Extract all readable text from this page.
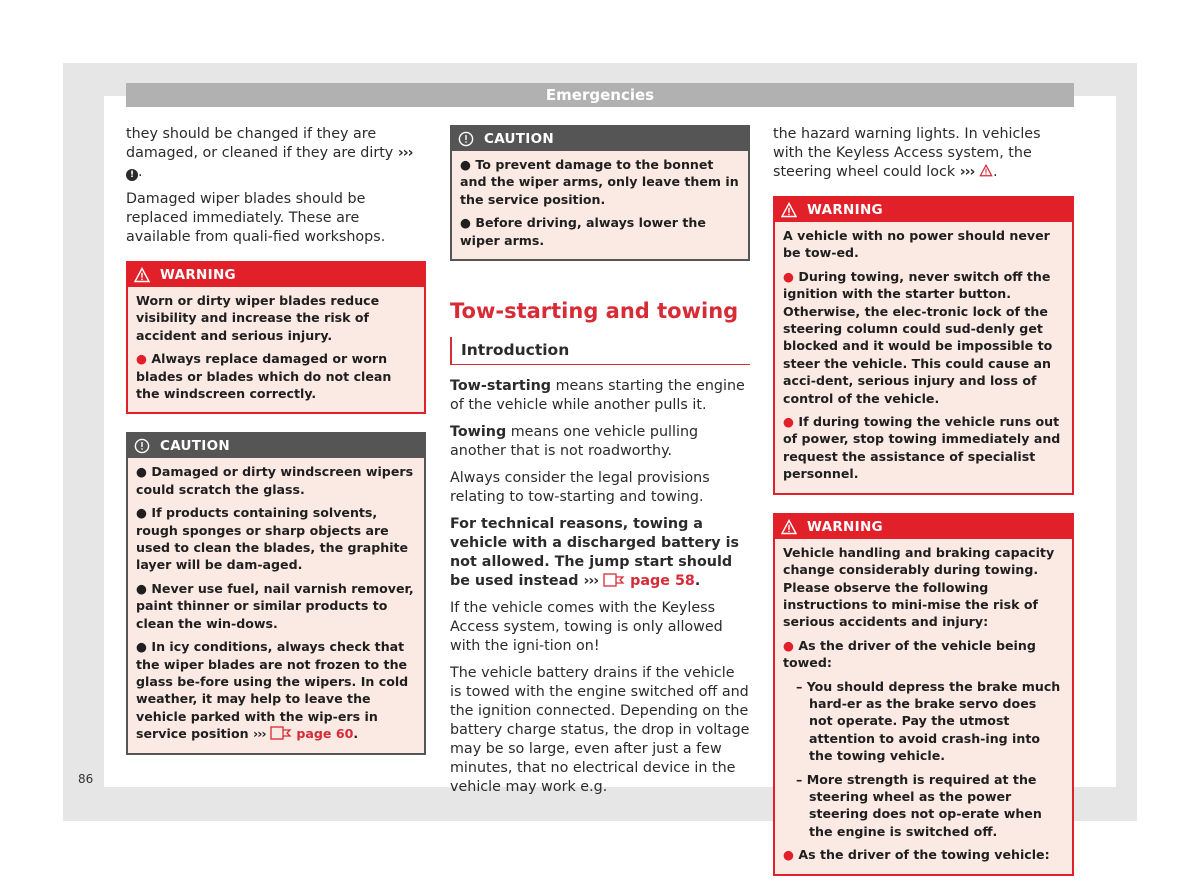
Emergencies

they should be changed if they are damaged, or cleaned if they are dirty ››› ! .

Damaged wiper blades should be replaced immediately. These are available from quali-fied workshops.

WARNING

Worn or dirty wiper blades reduce visibility and increase the risk of accident and serious injury.

● Always replace damaged or worn blades or blades which do not clean the windscreen correctly.

CAUTION

● Damaged or dirty windscreen wipers could scratch the glass.

● If products containing solvents, rough sponges or sharp objects are used to clean the blades, the graphite layer will be dam-aged.

● Never use fuel, nail varnish remover, paint thinner or similar products to clean the win-dows.

● In icy conditions, always check that the wiper blades are not frozen to the glass be-fore using the wipers. In cold weather, it may help to leave the vehicle parked with the wip-ers in service position ››› page 60.

CAUTION

● To prevent damage to the bonnet and the wiper arms, only leave them in the service position.

● Before driving, always lower the wiper arms.

Tow-starting and towing
Introduction

Tow-starting means starting the engine of the vehicle while another pulls it.

Towing means one vehicle pulling another that is not roadworthy.

Always consider the legal provisions relating to tow-starting and towing.

For technical reasons, towing a vehicle with a discharged battery is not allowed. The jump start should be used instead ››› page 58.

If the vehicle comes with the Keyless Access system, towing is only allowed with the igni-tion on!

The vehicle battery drains if the vehicle is towed with the engine switched off and the ignition connected. Depending on the battery charge status, the drop in voltage may be so large, even after just a few minutes, that no electrical device in the vehicle may work e.g.

the hazard warning lights. In vehicles with the Keyless Access system, the steering wheel could lock ››› .

WARNING

A vehicle with no power should never be tow-ed.

● During towing, never switch off the ignition with the starter button. Otherwise, the elec-tronic lock of the steering column could sud-denly get blocked and it would be impossible to steer the vehicle. This could cause an acci-dent, serious injury and loss of control of the vehicle.

● If during towing the vehicle runs out of power, stop towing immediately and request the assistance of specialist personnel.

WARNING

Vehicle handling and braking capacity change considerably during towing. Please observe the following instructions to mini-mise the risk of serious accidents and injury:

● As the driver of the vehicle being towed:

– You should depress the brake much hard-er as the brake servo does not operate. Pay the utmost attention to avoid crash-ing into the towing vehicle.

– More strength is required at the steering wheel as the power steering does not op-erate when the engine is switched off.

● As the driver of the towing vehicle:

86
